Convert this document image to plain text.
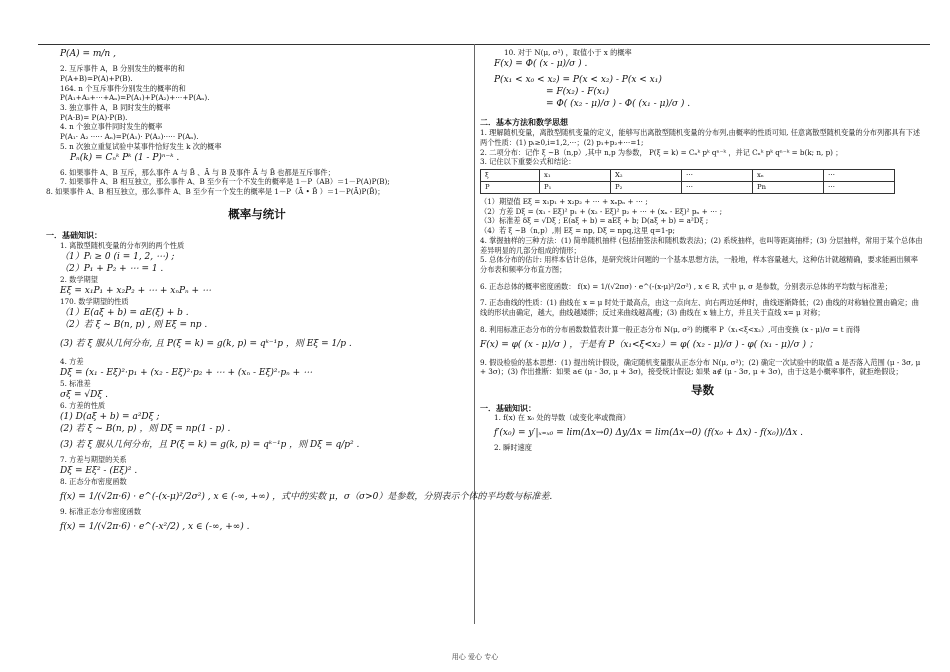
P(A) = m/n ,
2. 互斥事件 A，B 分别发生的概率的和
P(A+B)=P(A)+P(B).
164. n 个互斥事件分别发生的概率的和
P(A₁+A₂+⋯+Aₙ)=P(A₁)+P(A₂)+⋯+P(Aₙ).
3. 独立事件 A，B 同时发生的概率
P(A·B)= P(A)·P(B).
4. n 个独立事件同时发生的概率
P(A₁· A₂ ·⋯· Aₙ)=P(A₁)· P(A₂)·⋯· P(Aₙ).
5. n 次独立重复试验中某事件恰好发生 k 次的概率
Pₙ(k) = Cₙᵏ Pᵏ (1 - P)ⁿ⁻ᵏ .
6. 如果事件 A、B 互斥，那么事件 A 与 B̄ 、Ā 与 B 及事件 Ā 与 B̄ 也都是互斥事件；
7. 如果事件 A、B 相互独立，那么事件 A、B 至少有一个不发生的概率是 1－P（AB）＝1－P(A)P(B);
8. 如果事件 A、B 相互独立，那么事件 A、B 至少有一个发生的概率是 1－P（Ā • B̄ ）＝1－P(Ā)P(B̄)；
概率与统计
一．基础知识：
1. 离散型随机变量的分布列的两个性质
（1）Pᵢ ≥ 0 (i = 1, 2, ⋯) ;
（2）P₁ + P₂ + ⋯ = 1 .
2. 数学期望
Eξ = x₁P₁ + x₂P₂ + ⋯ + xₙPₙ + ⋯
170. 数学期望的性质
（1）E(aξ + b) = aE(ξ) + b .
（2）若 ξ ~ B(n, p) , 则 Eξ = np .
(3) 若 ξ 服从几何分布, 且 P(ξ = k) = g(k, p) = qᵏ⁻¹p ，则 Eξ = 1/p .
4. 方差
Dξ = (x₁ - Eξ)²·p₁ + (x₂ - Eξ)²·p₂ + ⋯ + (xₙ - Eξ)²·pₙ + ⋯
5. 标准差
σξ = √Dξ .
6. 方差的性质
(1) D(aξ + b) = a²Dξ ;
(2) 若 ξ ~ B(n, p) ，则 Dξ = np(1 - p) .
(3) 若 ξ 服从几何分布，且 P(ξ = k) = g(k, p) = qᵏ⁻¹p ，则 Dξ = q/p² .
7. 方差与期望的关系
Dξ = Eξ² - (Eξ)² .
8. 正态分布密度函数
f(x) = 1/(√2π·6) · e^(-(x-μ)²/2σ²) , x ∈ (-∞, +∞) ，式中的实数 μ，σ（σ>0）是参数，分别表示个体的平均数与标准差.
9. 标准正态分布密度函数
f(x) = 1/(√2π·6) · e^(-x²/2) , x ∈ (-∞, +∞) .
10. 对于 N(μ, σ²) ，取值小于 x 的概率
F(x) = Φ( (x - μ)/σ ) .
P(x₁ < x₀ < x₂) = P(x < x₂) - P(x < x₁)
= F(x₂) - F(x₁)
= Φ( (x₂ - μ)/σ ) - Φ( (x₁ - μ)/σ ) .
二．基本方法和数学思想
1. 理解随机变量，离散型随机变量的定义，能够写出离散型随机变量的分布列,由概率的性质可知, 任意离散型随机变量的分布列都具有下述两个性质：(1) pᵢ≥0,i=1,2,⋯；(2) p₁+p₂+⋯=1;
2. 二项分布：记作 ξ ~B（n,p）,其中 n,p 为参数， P(ξ = k) = Cₙᵏ pᵏ qⁿ⁻ᵏ ，并记 Cₙᵏ pᵏ qⁿ⁻ᵏ = b(k; n, p) ；
3. 记住以下重要公式和结论：
ξ	x₁	X₂	⋯	xₙ	⋯
P	P₁	P₂	⋯	Pn	⋯
（1）期望值 Eξ = x₁p₁ + x₂p₂ + ⋯ + xₙpₙ + ⋯ ;
（2）方差 Dξ = (x₁ - Eξ)² p₁ + (x₂ - Eξ)² p₂ + ⋯ + (xₙ - Eξ)² pₙ + ⋯ ;
（3）标准差 δξ = √Dξ ; E(aξ + b) = aEξ + b; D(aξ + b) = a²Dξ ;
（4）若 ξ ~B（n,p）,则 Eξ = np, Dξ = npq,这里 q=1-p;
4. 掌握抽样的三种方法：(1) 简单随机抽样 (包括抽签法和随机数表法)；(2) 系统抽样，也叫等距离抽样；(3) 分层抽样，常用于某个总体由差异明显的几部分组成的情形；
5. 总体分布的估计: 用样本估计总体，是研究统计问题的一个基本思想方法，一般地，样本容量越大，这种估计就越精确，要求能画出频率分布表和频率分布直方图；
6. 正态总体的概率密度函数： f(x) = 1/(√2πσ) · e^(-(x-μ)²/2σ²) , x ∈ R, 式中 μ, σ 是参数，分别表示总体的平均数与标准差；
7. 正态曲线的性质：(1) 曲线在 x = μ 时处于最高点，由这一点向左、向右两边延伸时，曲线逐渐降低；(2) 曲线的对称轴位置由确定；曲线的形状由确定，越大，曲线越矮胖；反过来曲线越高瘦；(3) 曲线在 x 轴上方，并且关于直线 x= μ 对称；
8. 利用标准正态分布的分布函数数值表计算一般正态分布 N(μ, σ²) 的概率 P（x₁<ξ<x₂）,可由变换 (x - μ)/σ = t 而得
F(x) = φ( (x - μ)/σ ) ，于是有 P（x₁<ξ<x₂）= φ( (x₂ - μ)/σ ) - φ( (x₁ - μ)/σ ) ；
9. 假设检验的基本思想：(1) 提出统计假设，确定随机变量服从正态分布 N(μ, σ²)；(2) 确定一次试验中的取值 a 是否落入范围 (μ - 3σ, μ + 3σ)；(3) 作出推断：如果 a∈ (μ - 3σ, μ + 3σ)，接受统计假设; 如果 a∉ (μ - 3σ, μ + 3σ)，由于这是小概率事件，就拒绝假设；
导数
一．基础知识：
1. f(x) 在 x₀ 处的导数（或变化率或微商）
f′(x₀) = y′|ₓ₌ₓ₀ = lim(Δx→0) Δy/Δx = lim(Δx→0) (f(x₀ + Δx) - f(x₀))/Δx .
2. 瞬时速度
用心 爱心 专心
